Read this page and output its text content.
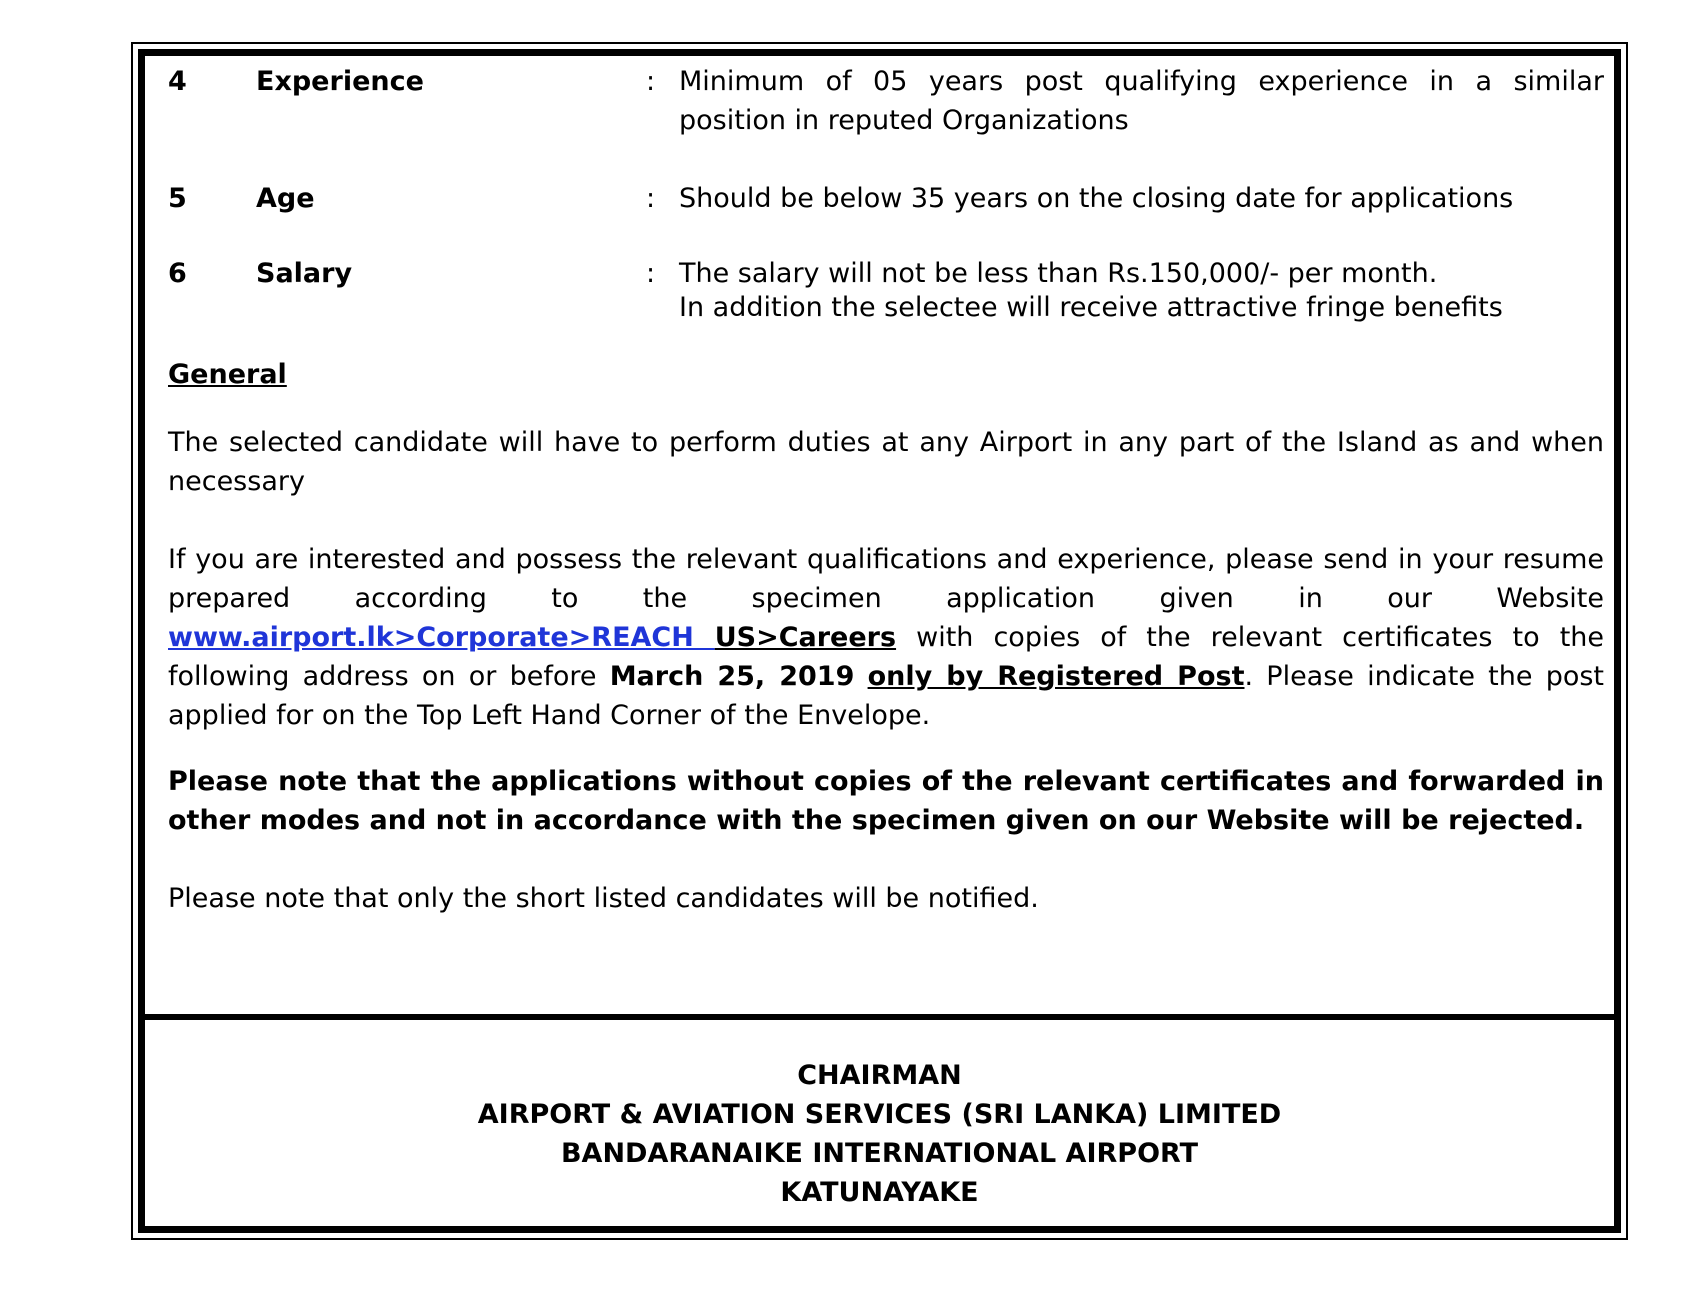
4	Experience	: Minimum of 05 years post qualifying experience in a similar
position in reputed Organizations
5	Age	: Should be below 35 years on the closing date for applications
6	Salary	: The salary will not be less than Rs.150,000/- per month.
In addition the selectee will receive attractive fringe benefits
General
The selected candidate will have to perform duties at any Airport in any part of the Island as and when necessary
If you are interested and possess the relevant qualifications and experience, please send in your resume prepared according to the specimen application given in our Website www.airport.lk>Corporate>REACH US>Careers with copies of the relevant certificates to the following address on or before March 25, 2019 only by Registered Post. Please indicate the post applied for on the Top Left Hand Corner of the Envelope.
Please note that the applications without copies of the relevant certificates and forwarded in other modes and not in accordance with the specimen given on our Website will be rejected.
Please note that only the short listed candidates will be notified.
CHAIRMAN
AIRPORT & AVIATION SERVICES (SRI LANKA) LIMITED
BANDARANAIKE INTERNATIONAL AIRPORT
KATUNAYAKE
